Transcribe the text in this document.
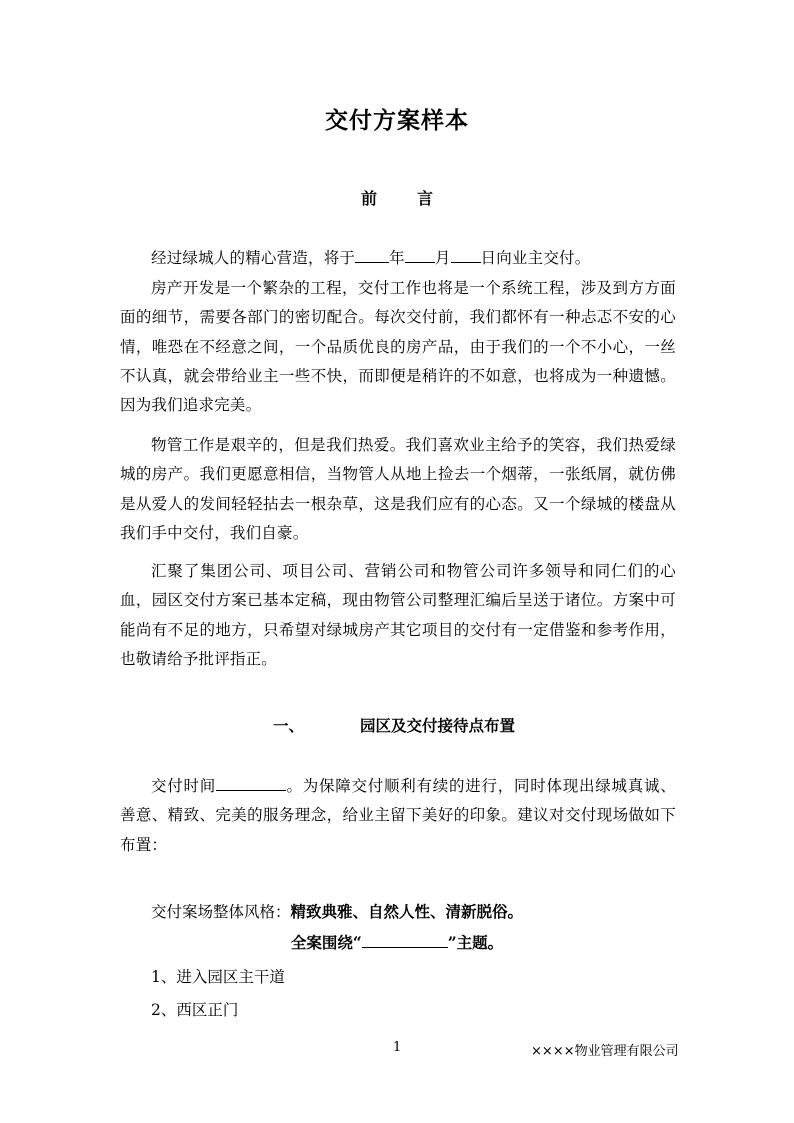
交付方案样本
前	言

经过绿城人的精心营造，将于 年 月 日向业主交付。

房产开发是一个繁杂的工程，交付工作也将是一个系统工程，涉及到方方面面的细节，需要各部门的密切配合。每次交付前，我们都怀有一种忐忑不安的心情，唯恐在不经意之间，一个品质优良的房产品，由于我们的一个不小心，一丝不认真，就会带给业主一些不快，而即便是稍许的不如意，也将成为一种遗憾。因为我们追求完美。

物管工作是艰辛的，但是我们热爱。我们喜欢业主给予的笑容，我们热爱绿城的房产。我们更愿意相信，当物管人从地上捡去一个烟蒂，一张纸屑，就仿佛是从爱人的发间轻轻拈去一根杂草，这是我们应有的心态。又一个绿城的楼盘从我们手中交付，我们自豪。

汇聚了集团公司、项目公司、营销公司和物管公司许多领导和同仁们的心血，园区交付方案已基本定稿，现由物管公司整理汇编后呈送于诸位。方案中可能尚有不足的地方，只希望对绿城房产其它项目的交付有一定借鉴和参考作用，也敬请给予批评指正。

一、	园区及交付接待点布置

交付时间	。为保障交付顺利有续的进行，同时体现出绿城真诚、善意、精致、完美的服务理念，给业主留下美好的印象。建议对交付现场做如下布置：

交付案场整体风格：精致典雅、自然人性、清新脱俗。
全案围绕“	”主题。
1、进入园区主干道
2、西区正门
1	××××物业管理有限公司
